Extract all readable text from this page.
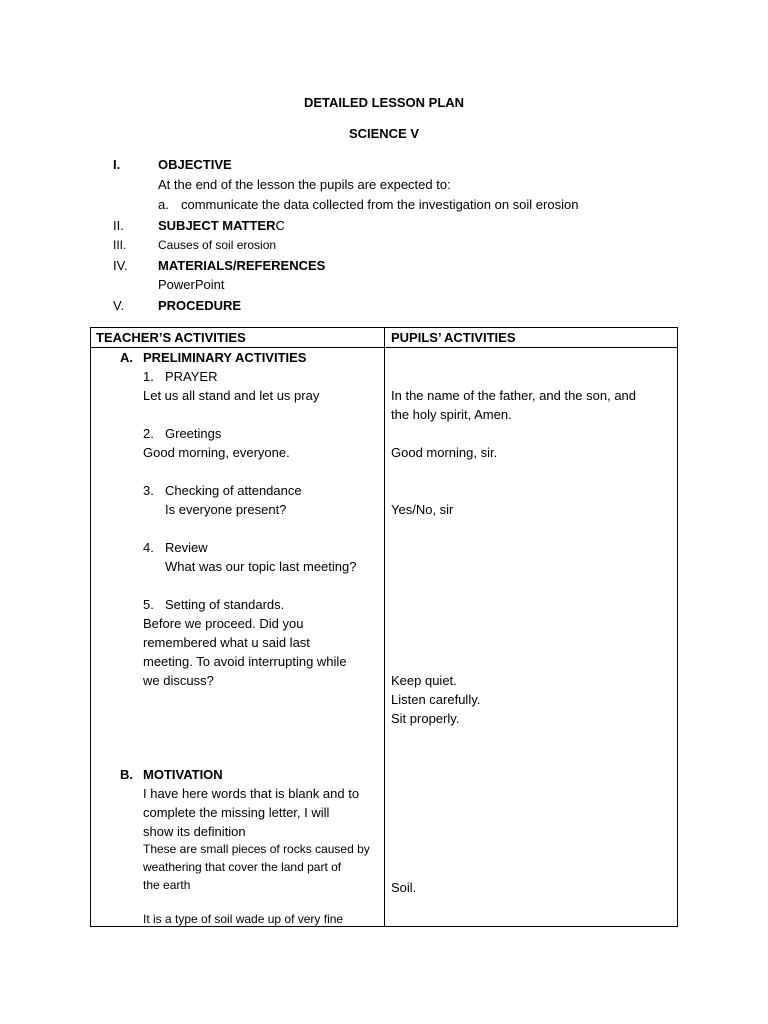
DETAILED LESSON PLAN
SCIENCE V
I.	OBJECTIVE
At the end of the lesson the pupils are expected to:
a. communicate the data collected from the investigation on soil erosion
II.	SUBJECT MATTERC
III.	Causes of soil erosion
IV. MATERIALS/REFERENCES
PowerPoint
V.	PROCEDURE
TEACHER’S ACTIVITIES	PUPILS’ ACTIVITIES
A. PRELIMINARY ACTIVITIES
1. PRAYER
Let us all stand and let us pray	In the name of the father, and the son, and
the holy spirit, Amen.
2. Greetings
Good morning, everyone.	Good morning, sir.
3. Checking of attendance
Is everyone present?	Yes/No, sir
4. Review
What was our topic last meeting?
5. Setting of standards.
Before we proceed. Did you
remembered what u said last
meeting. To avoid interrupting while
we discuss?	Keep quiet.
Listen carefully.
Sit properly.
B. MOTIVATION
I have here words that is blank and to
complete the missing letter, I will
show its definition
These are small pieces of rocks caused by
weathering that cover the land part of
the earth	Soil.
It is a type of soil wade up of very fine
